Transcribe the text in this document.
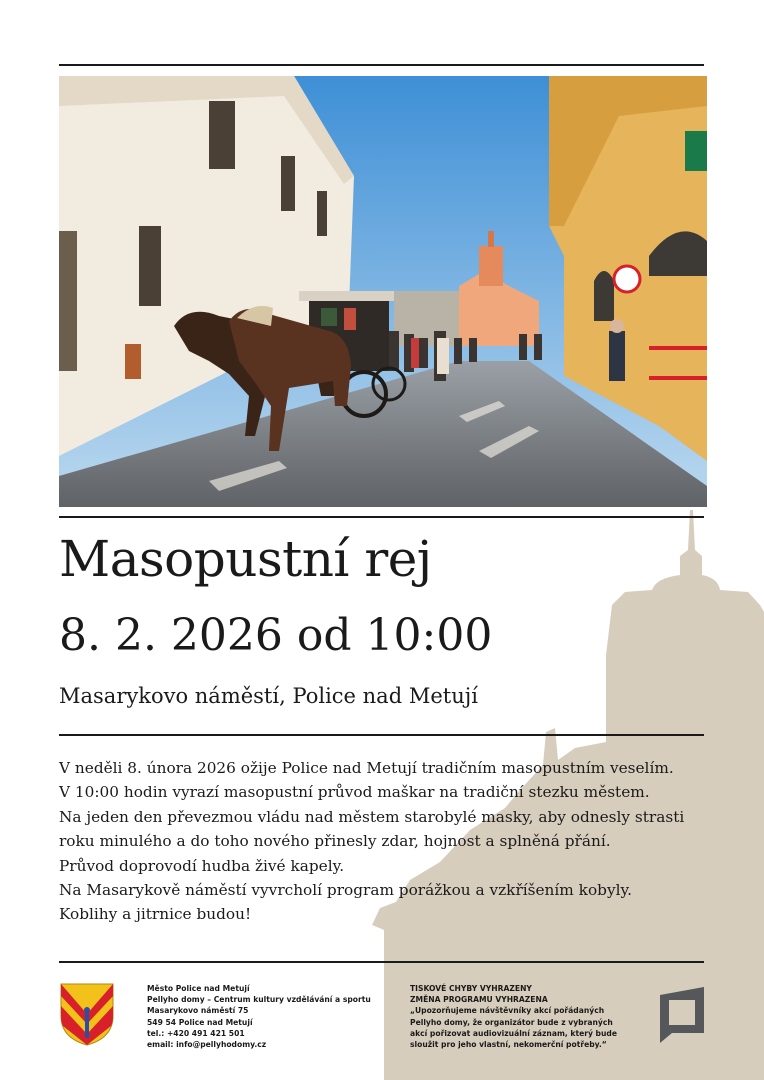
Masopustní rej
8. 2. 2026 od 10:00
Masarykovo náměstí, Police nad Metují
V neděli 8. února 2026 ožije Police nad Metují tradičním masopustním veselím.
V 10:00 hodin vyrazí masopustní průvod maškar na tradiční stezku městem.
Na jeden den převezmou vládu nad městem starobylé masky, aby odnesly strasti
roku minulého a do toho nového přinesly zdar, hojnost a splněná přání.
Průvod doprovodí hudba živé kapely.
Na Masarykově náměstí vyvrcholí program porážkou a vzkříšením kobyly.
Koblihy a jitrnice budou!
Město Police nad Metují
Pellyho domy – Centrum kultury vzdělávání a sportu
Masarykovo náměstí 75
549 54 Police nad Metují
tel.: +420 491 421 501
email: info@pellyhodomy.cz
TISKOVÉ CHYBY VYHRAZENY
ZMĚNA PROGRAMU VYHRAZENA
„Upozorňujeme návštěvníky akcí pořádaných
Pellyho domy, že organizátor bude z vybraných
akcí pořizovat audiovizuální záznam, který bude
sloužit pro jeho vlastní, nekomerční potřeby.“
